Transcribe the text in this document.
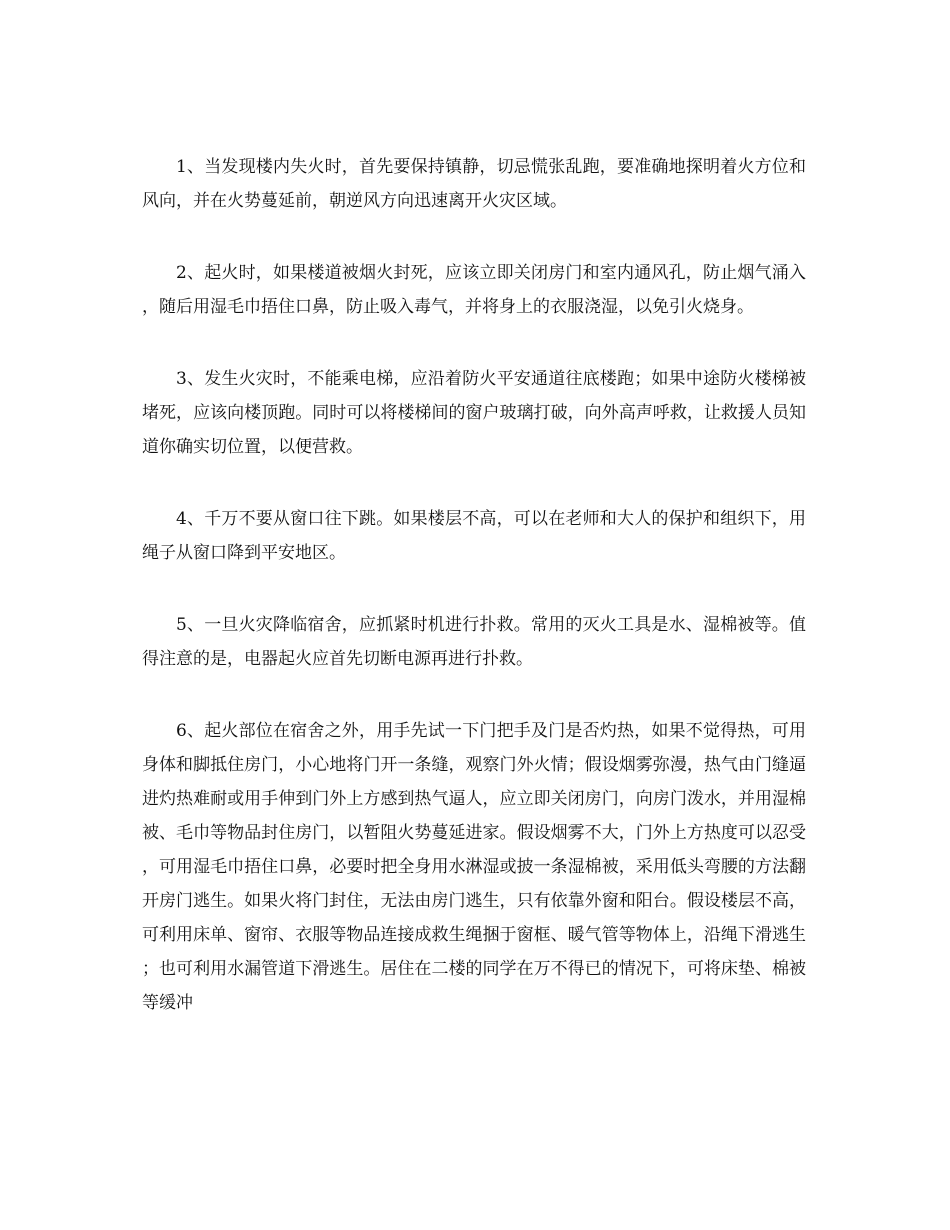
1、当发现楼内失火时，首先要保持镇静，切忌慌张乱跑，要准确地探明着火方位和风向，并在火势蔓延前，朝逆风方向迅速离开火灾区域。

2、起火时，如果楼道被烟火封死，应该立即关闭房门和室内通风孔，防止烟气涌入，随后用湿毛巾捂住口鼻，防止吸入毒气，并将身上的衣服浇湿，以免引火烧身。

3、发生火灾时，不能乘电梯，应沿着防火平安通道往底楼跑；如果中途防火楼梯被堵死，应该向楼顶跑。同时可以将楼梯间的窗户玻璃打破，向外高声呼救，让救援人员知道你确实切位置，以便营救。

4、千万不要从窗口往下跳。如果楼层不高，可以在老师和大人的保护和组织下，用绳子从窗口降到平安地区。

5、一旦火灾降临宿舍，应抓紧时机进行扑救。常用的灭火工具是水、湿棉被等。值得注意的是，电器起火应首先切断电源再进行扑救。

6、起火部位在宿舍之外，用手先试一下门把手及门是否灼热，如果不觉得热，可用身体和脚抵住房门，小心地将门开一条缝，观察门外火情；假设烟雾弥漫，热气由门缝逼进灼热难耐或用手伸到门外上方感到热气逼人，应立即关闭房门，向房门泼水，并用湿棉被、毛巾等物品封住房门，以暂阻火势蔓延进家。假设烟雾不大，门外上方热度可以忍受，可用湿毛巾捂住口鼻，必要时把全身用水淋湿或披一条湿棉被，采用低头弯腰的方法翻开房门逃生。如果火将门封住，无法由房门逃生，只有依靠外窗和阳台。假设楼层不高，可利用床单、窗帘、衣服等物品连接成救生绳捆于窗框、暖气管等物体上，沿绳下滑逃生；也可利用水漏管道下滑逃生。居住在二楼的同学在万不得已的情况下，可将床垫、棉被等缓冲
